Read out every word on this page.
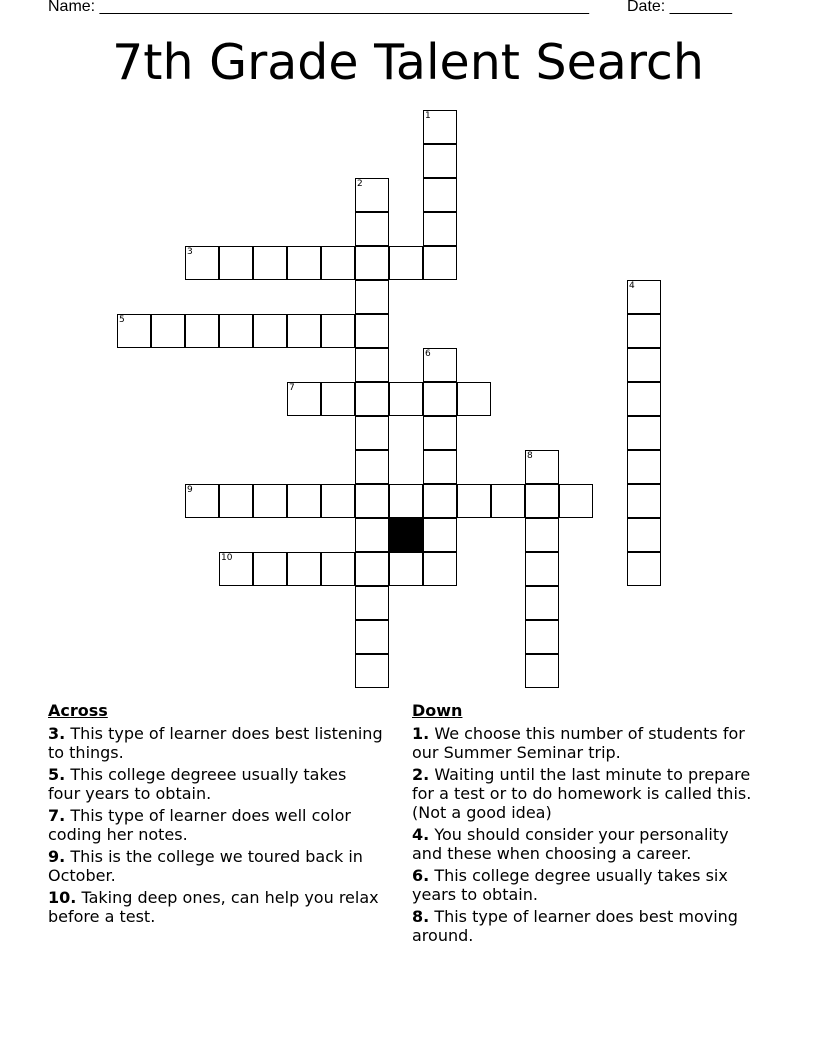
Name: _______________________________________________________ Date: _______
7th Grade Talent Search
1
2
3
4
5
6
7
8
9
10
Across
3. This type of learner does best listening to things.
5. This college degreee usually takes four years to obtain.
7. This type of learner does well color coding her notes.
9. This is the college we toured back in October.
10. Taking deep ones, can help you relax before a test.
Down
1. We choose this number of students for our Summer Seminar trip.
2. Waiting until the last minute to prepare for a test or to do homework is called this. (Not a good idea)
4. You should consider your personality and these when choosing a career.
6. This college degree usually takes six years to obtain.
8. This type of learner does best moving around.
